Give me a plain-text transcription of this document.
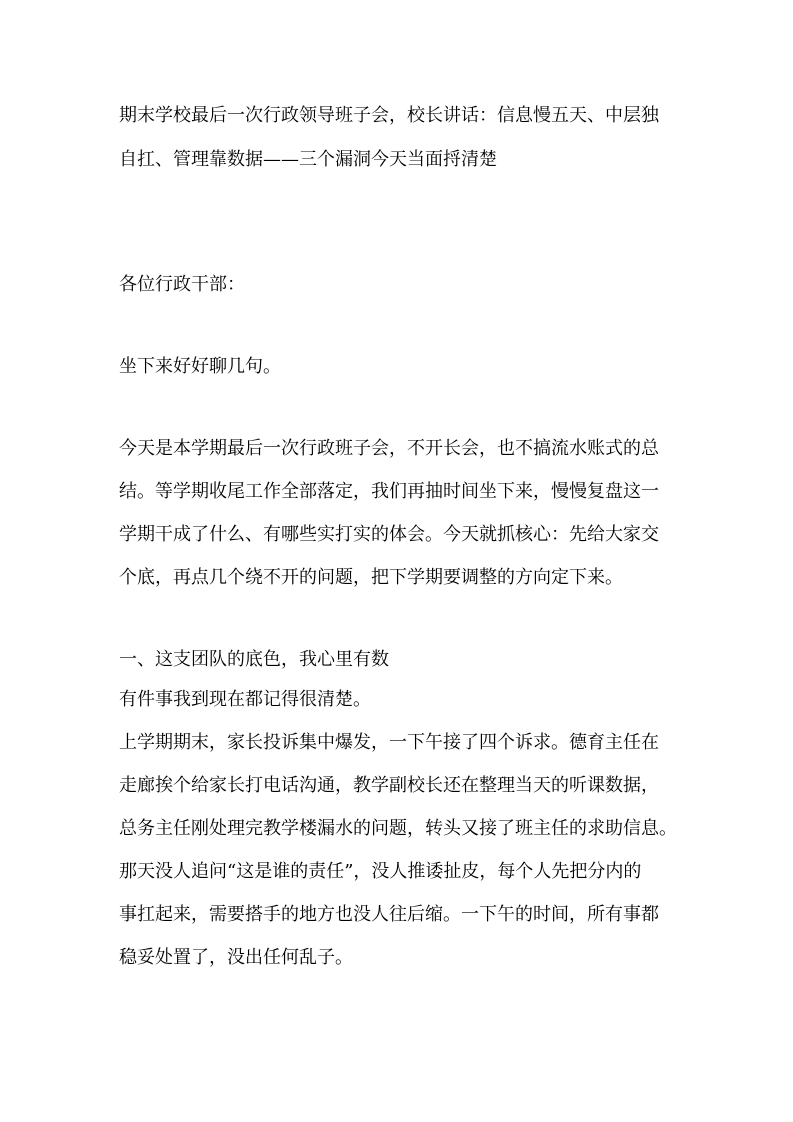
期末学校最后一次行政领导班子会，校长讲话：信息慢五天、中层独

自扛、管理靠数据——三个漏洞今天当面捋清楚

各位行政干部：

坐下来好好聊几句。

今天是本学期最后一次行政班子会，不开长会，也不搞流水账式的总

结。等学期收尾工作全部落定，我们再抽时间坐下来，慢慢复盘这一

学期干成了什么、有哪些实打实的体会。今天就抓核心：先给大家交

个底，再点几个绕不开的问题，把下学期要调整的方向定下来。

一、这支团队的底色，我心里有数

有件事我到现在都记得很清楚。

上学期期末，家长投诉集中爆发，一下午接了四个诉求。德育主任在

走廊挨个给家长打电话沟通，教学副校长还在整理当天的听课数据，

总务主任刚处理完教学楼漏水的问题，转头又接了班主任的求助信息。

那天没人追问“这是谁的责任”，没人推诿扯皮，每个人先把分内的

事扛起来，需要搭手的地方也没人往后缩。一下午的时间，所有事都

稳妥处置了，没出任何乱子。
